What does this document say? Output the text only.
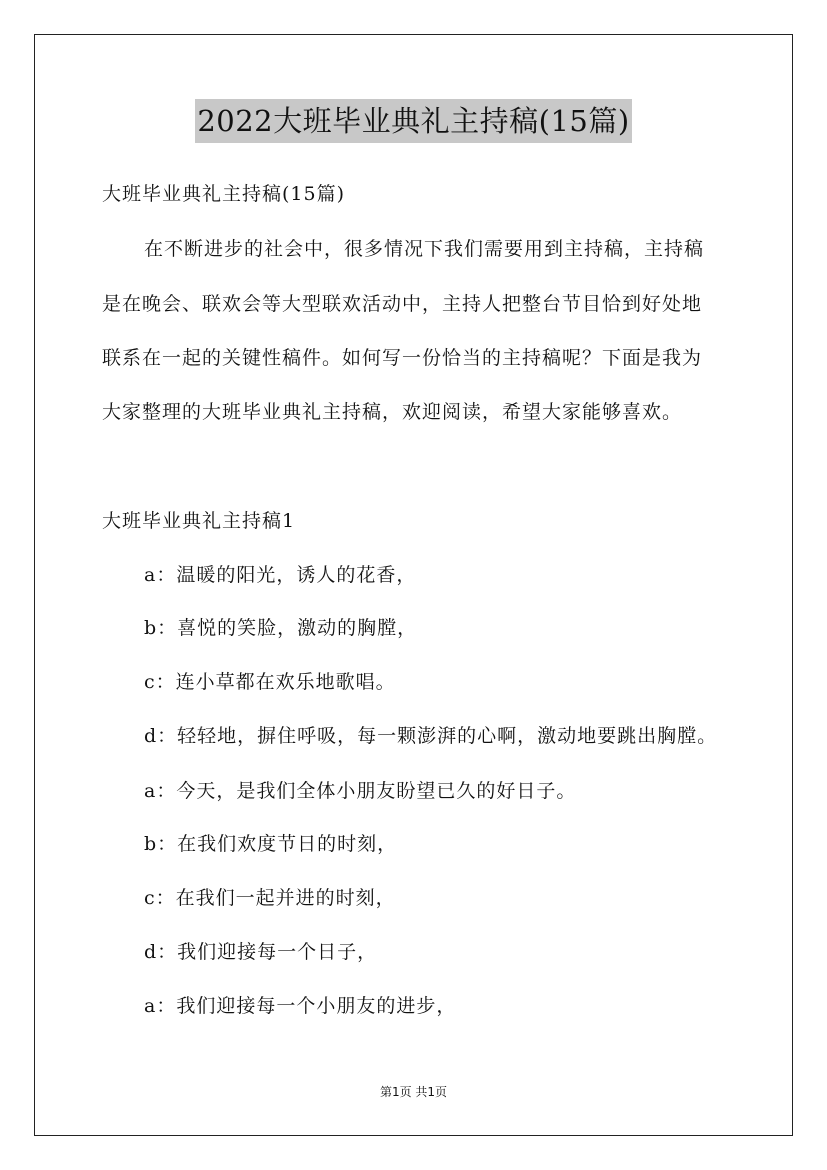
2022大班毕业典礼主持稿(15篇)
大班毕业典礼主持稿(15篇)
在不断进步的社会中，很多情况下我们需要用到主持稿，主持稿
是在晚会、联欢会等大型联欢活动中，主持人把整台节目恰到好处地
联系在一起的关键性稿件。如何写一份恰当的主持稿呢？下面是我为
大家整理的大班毕业典礼主持稿，欢迎阅读，希望大家能够喜欢。
大班毕业典礼主持稿1
a：温暖的阳光，诱人的花香，
b：喜悦的笑脸，激动的胸膛，
c：连小草都在欢乐地歌唱。
d：轻轻地，摒住呼吸，每一颗澎湃的心啊，激动地要跳出胸膛。
a：今天，是我们全体小朋友盼望已久的好日子。
b：在我们欢度节日的时刻，
c：在我们一起并进的时刻，
d：我们迎接每一个日子，
a：我们迎接每一个小朋友的进步，
第1页 共1页
